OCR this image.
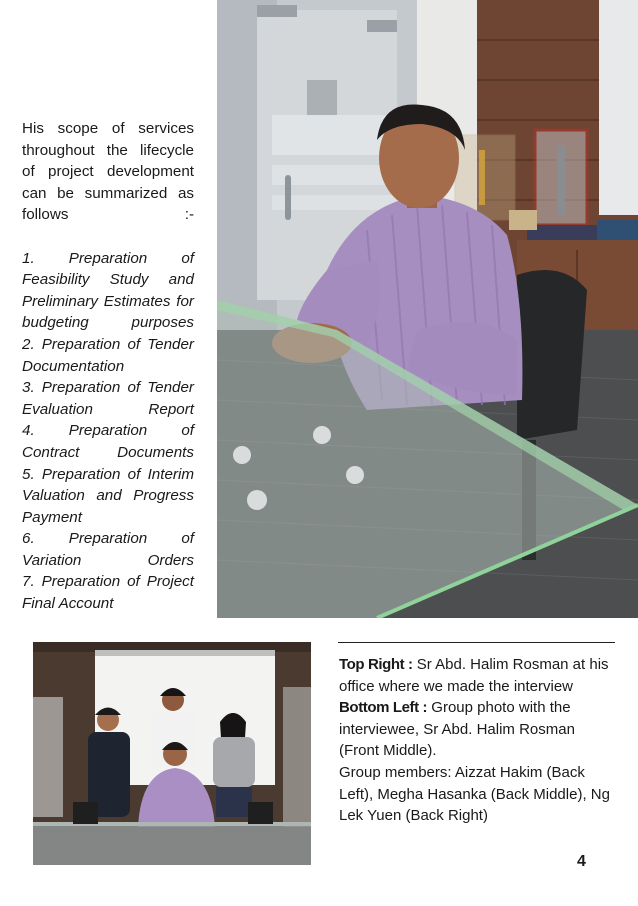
His scope of services throughout the lifecycle of project development can be summarized as follows :-

1. Preparation of Feasibility Study and Preliminary Estimates for budgeting purposes

2. Preparation of Tender Documentation

3. Preparation of Tender Evaluation Report

4. Preparation of Contract Documents

5. Preparation of Interim Valuation and Progress Payment

6. Preparation of Variation Orders

7. Preparation of Project Final Account

Top Right : Sr Abd. Halim Rosman at his office where we made the interview
Bottom Left : Group photo with the interviewee, Sr Abd. Halim Rosman (Front Middle).
Group members: Aizzat Hakim (Back Left), Megha Hasanka (Back Middle), Ng Lek Yuen (Back Right)
4
